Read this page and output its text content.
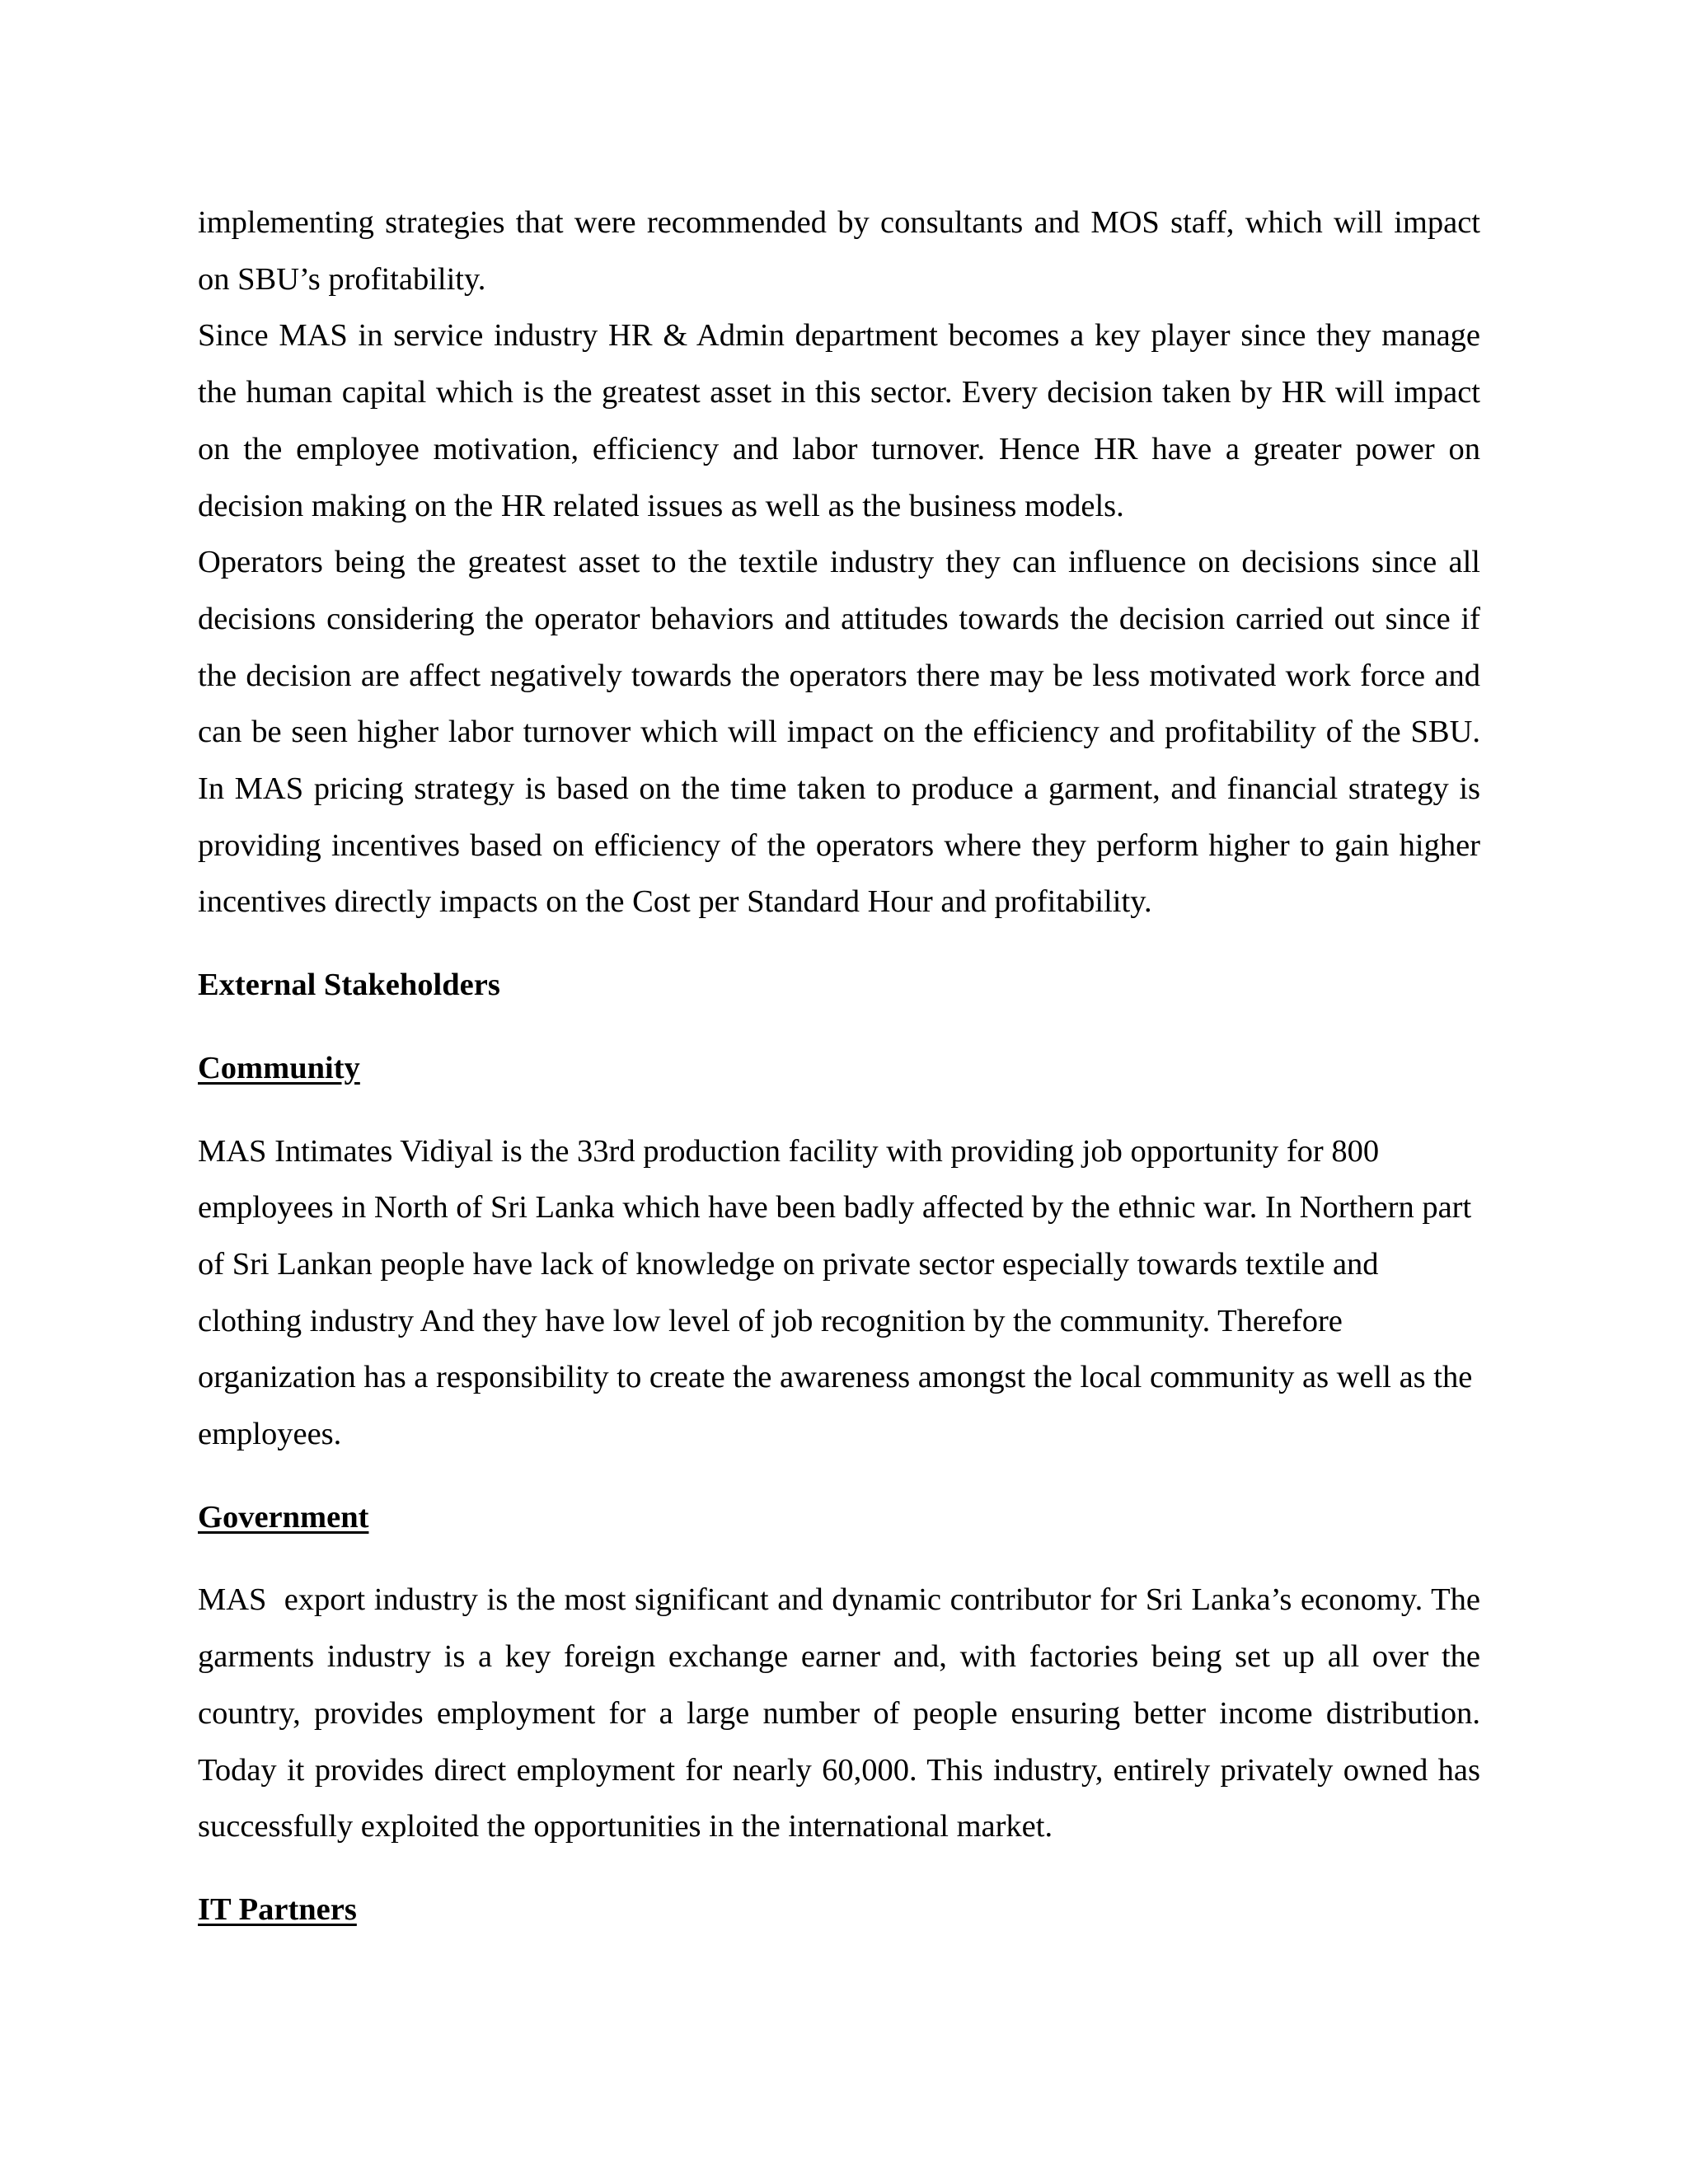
implementing strategies that were recommended by consultants and MOS staff, which will impact on SBU’s profitability.

Since MAS in service industry HR & Admin department becomes a key player since they manage the human capital which is the greatest asset in this sector. Every decision taken by HR will impact on the employee motivation, efficiency and labor turnover. Hence HR have a greater power on decision making on the HR related issues as well as the business models.

Operators being the greatest asset to the textile industry they can influence on decisions since all decisions considering the operator behaviors and attitudes towards the decision carried out since if the decision are affect negatively towards the operators there may be less motivated work force and can be seen higher labor turnover which will impact on the efficiency and profitability of the SBU. In MAS pricing strategy is based on the time taken to produce a garment, and financial strategy is providing incentives based on efficiency of the operators where they perform higher to gain higher incentives directly impacts on the Cost per Standard Hour and profitability.

External Stakeholders
Community

MAS Intimates Vidiyal is the 33rd production facility with providing job opportunity for 800 employees in North of Sri Lanka which have been badly affected by the ethnic war. In Northern part of Sri Lankan people have lack of knowledge on private sector especially towards textile and clothing industry And they have low level of job recognition by the community. Therefore organization has a responsibility to create the awareness amongst the local community as well as the employees.

Government

MAS  export industry is the most significant and dynamic contributor for Sri Lanka’s economy. The garments industry is a key foreign exchange earner and, with factories being set up all over the country, provides employment for a large number of people ensuring better income distribution. Today it provides direct employment for nearly 60,000. This industry, entirely privately owned has successfully exploited the opportunities in the international market.

IT Partners
